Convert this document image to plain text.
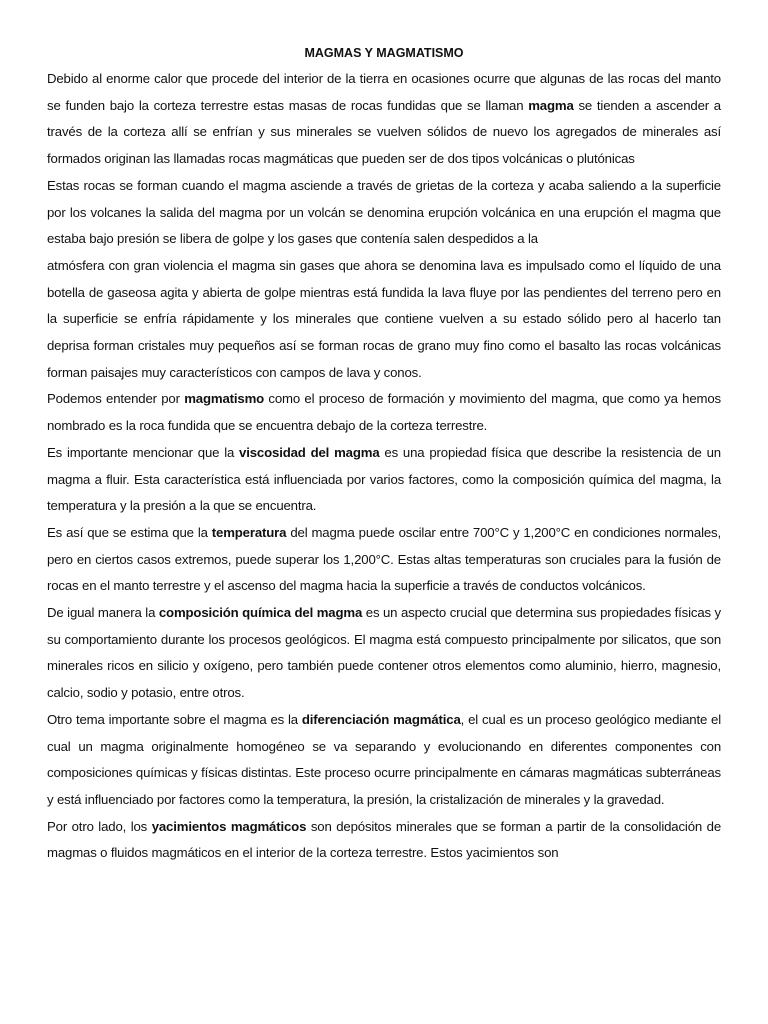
MAGMAS Y MAGMATISMO

Debido al enorme calor que procede del interior de la tierra en ocasiones ocurre que algunas de las rocas del manto se funden bajo la corteza terrestre estas masas de rocas fundidas que se llaman magma se tienden a ascender a través de la corteza allí se enfrían y sus minerales se vuelven sólidos de nuevo los agregados de minerales así formados originan las llamadas rocas magmáticas que pueden ser de dos tipos volcánicas o plutónicas

Estas rocas se forman cuando el magma asciende a través de grietas de la corteza y acaba saliendo a la superficie por los volcanes la salida del magma por un volcán se denomina erupción volcánica en una erupción el magma que estaba bajo presión se libera de golpe y los gases que contenía salen despedidos a la

atmósfera con gran violencia el magma sin gases que ahora se denomina lava es impulsado como el líquido de una botella de gaseosa agita y abierta de golpe mientras está fundida la lava fluye por las pendientes del terreno pero en la superficie se enfría rápidamente y los minerales que contiene vuelven a su estado sólido pero al hacerlo tan deprisa forman cristales muy pequeños así se forman rocas de grano muy fino como el basalto las rocas volcánicas forman paisajes muy característicos con campos de lava y conos.

Podemos entender por magmatismo como el proceso de formación y movimiento del magma, que como ya hemos nombrado es la roca fundida que se encuentra debajo de la corteza terrestre.

Es importante mencionar que la viscosidad del magma es una propiedad física que describe la resistencia de un magma a fluir. Esta característica está influenciada por varios factores, como la composición química del magma, la temperatura y la presión a la que se encuentra.

Es así que se estima que la temperatura del magma puede oscilar entre 700°C y 1,200°C en condiciones normales, pero en ciertos casos extremos, puede superar los 1,200°C. Estas altas temperaturas son cruciales para la fusión de rocas en el manto terrestre y el ascenso del magma hacia la superficie a través de conductos volcánicos.

De igual manera la composición química del magma es un aspecto crucial que determina sus propiedades físicas y su comportamiento durante los procesos geológicos. El magma está compuesto principalmente por silicatos, que son minerales ricos en silicio y oxígeno, pero también puede contener otros elementos como aluminio, hierro, magnesio, calcio, sodio y potasio, entre otros.

Otro tema importante sobre el magma es la diferenciación magmática, el cual es un proceso geológico mediante el cual un magma originalmente homogéneo se va separando y evolucionando en diferentes componentes con composiciones químicas y físicas distintas. Este proceso ocurre principalmente en cámaras magmáticas subterráneas y está influenciado por factores como la temperatura, la presión, la cristalización de minerales y la gravedad.

Por otro lado, los yacimientos magmáticos son depósitos minerales que se forman a partir de la consolidación de magmas o fluidos magmáticos en el interior de la corteza terrestre. Estos yacimientos son
